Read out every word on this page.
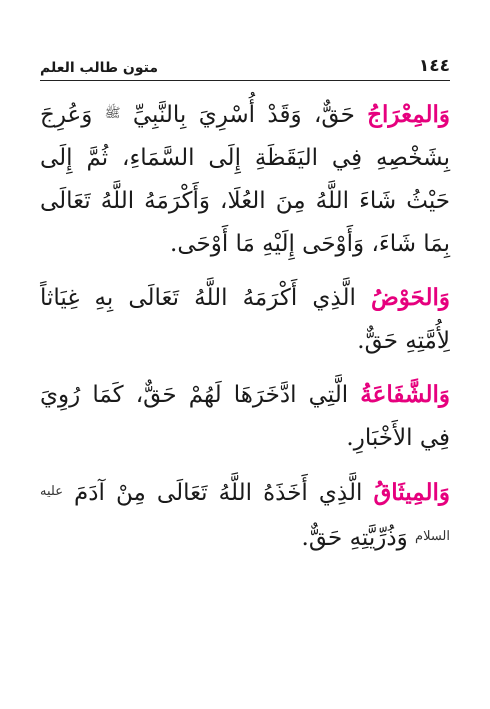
١٤٤
متون طالب العلم

وَالمِعْرَاجُ حَقٌّ، وَقَدْ أُسْرِيَ بِالنَّبِيِّ $^ﷺ$ وَعُرِجَ بِشَخْصِهِ فِي اليَقَظَةِ إِلَى السَّمَاءِ، ثُمَّ إِلَى حَيْثُ شَاءَ اللَّهُ مِنَ العُلَا، وَأَكْرَمَهُ اللَّهُ تَعَالَى بِمَا شَاءَ، وَأَوْحَى إِلَيْهِ مَا أَوْحَى.

وَالحَوْضُ الَّذِي أَكْرَمَهُ اللَّهُ تَعَالَى بِهِ غِيَاثاً لِأُمَّتِهِ حَقٌّ.

وَالشَّفَاعَةُ الَّتِي ادَّخَرَهَا لَهُمْ حَقٌّ، كَمَا رُوِيَ فِي الأَخْبَارِ.

وَالمِيثَاقُ الَّذِي أَخَذَهُ اللَّهُ تَعَالَى مِنْ آدَمَ $^{عليه السلام}$ وَذُرِّيَّتِهِ حَقٌّ.
